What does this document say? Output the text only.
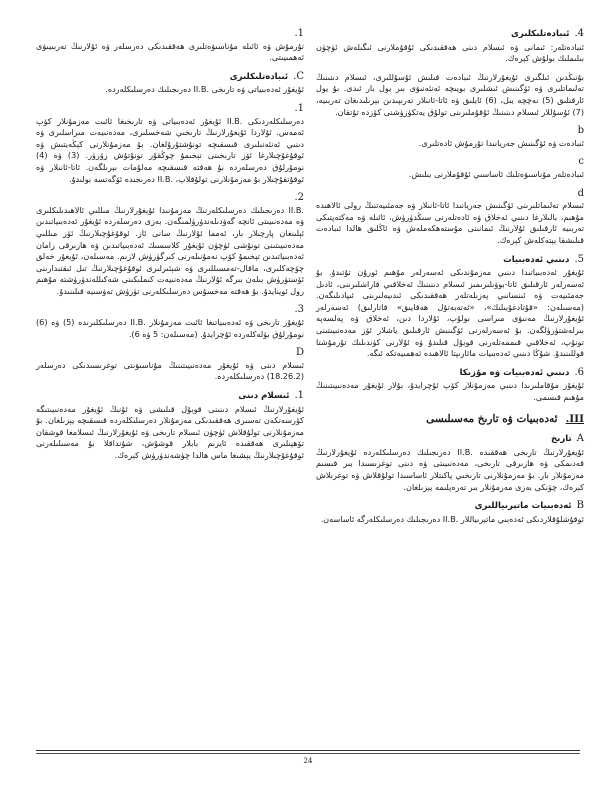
4.
ئىبادەتلىكلىرى

ئىبادەتلەر: ئىمانى ۋە ئىسلام دىنى ھەققىدىكى ئۇقۇملارنى ئىگىلەش ئۈچۈن بىلىملىك بولۇش كېرەك.

بۇنىڭدىن ئىلگىرى ئۇيغۇرلارنىڭ ئىبادەت قىلىش ئۇسۇللىرى، ئىسلام دىنىنىڭ تەلىماتلىرى ۋە ئۆگىنىش ئىشلىرى بويىچە ئەنئەنىۋى بىر يول بار ئىدى. بۇ يول ئارقىلىق (5) نەچچە يىل، (6) ئايلىق ۋە ئاتا-ئانىلار تەرىپىدىن بېرىلىدىغان تەربىيە، (7) ئۇسۇللار ئىسلام دىنىنىڭ ئۇقۇملىرىنى تولۇق يەتكۈزۈشنى كۆزدە تۇتقان.

b

ئىبادەت ۋە ئۆگىنىش جەريانىدا تۇرمۇش ئادەتلىرى.

c

ئىبادەتلەر مۇناسىۋەتلىك ئاساسىي ئۇقۇملارنى بىلىش.

d

ئىسلام تەلىماتلىرىنى ئۆگىنىش جەريانىدا ئاتا-ئانىلار ۋە جەمئىيەتنىڭ رولى ئالاھىدە مۇھىم، بالىلارغا دىنىي ئەخلاق ۋە ئادەتلەرنى سىڭدۈرۈش، ئائىلە ۋە مەكتەپتىكى تەربىيە ئارقىلىق ئۇلارنىڭ ئىمانىنى مۇستەھكەملەش ۋە ئاڭلىق ھالدا ئىبادەت قىلىشقا يېتەكلەش كېرەك.

5.
دىنىي ئەدەبىيات

ئۇيغۇر ئەدەبىياتىدا دىنىي مەزمۇندىكى ئەسەرلەر مۇھىم ئورۇن تۇتىدۇ. بۇ ئەسەرلەر ئارقىلىق ئاتا-بوۋىلىرىمىز ئىسلام دىنىنىڭ ئەخلاقىي قاراشلىرىنى، ئادىل جەمئىيەت ۋە ئىنسانىي پەزىلەتلەر ھەققىدىكى ئىدىيەلىرىنى ئىپادىلىگەن. (مەسىلەن: «قۇتادغۇبىلىك»، «ئەتەبەتۇل ھەقايىق» قاتارلىق) ئەسەرلەر ئۇيغۇرلارنىڭ مەنىۋى مىراسى بولۇپ، ئۇلاردا دىن، ئەخلاق ۋە پەلسەپە بىرلەشتۈرۈلگەن. بۇ ئەسەرلەرنى ئۆگىنىش ئارقىلىق ياشلار ئۆز مەدەنىيىتىنى تونۇپ، ئەخلاقىي قىممەتلەرنى قوبۇل قىلىدۇ ۋە ئۇلارنى كۈندىلىك تۇرمۇشتا قوللىنىدۇ. شۇڭا دىنىي ئەدەبىيات مائارىپتا ئالاھىدە ئەھمىيەتكە ئىگە.

6.
دىنىي ئەدەبىيات ۋە مۇزىكا

ئۇيغۇر مۇقاملىرىدا دىنىي مەزمۇنلار كۆپ ئۇچرايدۇ، بۇلار ئۇيغۇر مەدەنىيىتىنىڭ مۇھىم قىسمى.

III.
ئەدەبىيات ۋە تارىخ مەسىلىسى
A
تارىخ

ئۇيغۇرلارنىڭ تارىخى ھەققىدە .II.B دەرىجىلىك دەرسلىكلەردە ئۇيغۇرلارنىڭ قەدىمكى ۋە ھازىرقى تارىخى، مەدەنىيىتى ۋە دىنى توغرىسىدا بىر قىسىم مەزمۇنلار بار. بۇ مەزمۇنلارنى تارىخىي پاكىتلار ئاساسىدا تولۇقلاش ۋە توغرىلاش كېرەك، چۈنكى بەزى مەزمۇنلار بىر تەرەپلىمە يېزىلغان.

B
ئەدەبىيات ماتېرىياللىرى

ئوقۇشلۇقلاردىكى ئەدەبىي ماتېرىياللار .II.B دەرىجىلىك دەرسلىكلەرگە ئاساسەن.

1.

تۇرمۇش ۋە ئائىلە مۇناسىۋەتلىرى ھەققىدىكى دەرسلەر ۋە ئۇلارنىڭ تەربىيىۋى ئەھمىيىتى.

C.
ئىبادەتلىكلىرى

ئۇيغۇر ئەدەبىياتى ۋە تارىخى .II.B دەرىجىلىك دەرسلىكلەردە.

1.

دەرسلىكلەردىكى .II.B ئۇيغۇر ئەدەبىياتى ۋە تارىخىغا ئائىت مەزمۇنلار كۆپ ئەمەس. ئۇلاردا ئۇيغۇرلارنىڭ تارىخىي شەخسلىرى، مەدەنىيەت مىراسلىرى ۋە دىنىي ئەنئەنىلىرى قىسقىچە تونۇشتۇرۇلغان. بۇ مەزمۇنلارنى كېڭەيتىش ۋە ئوقۇغۇچىلارغا ئۆز تارىخىنى تېخىمۇ چوڭقۇر تونۇتۇش زۆرۈر. (3) ۋە (4) نومۇرلۇق دەرسلەردە بۇ ھەقتە قىسقىچە مەلۇمات بېرىلگەن. ئاتا-ئانىلار ۋە ئوقۇتقۇچىلار بۇ مەزمۇنلارنى تولۇقلاپ، .II.B دەرىجىدە ئۆگەتسە بولىدۇ.

2.

.II.B دەرىجىلىك دەرسلىكلەرنىڭ مەزمۇنىدا ئۇيغۇرلارنىڭ مىللىي ئالاھىدىلىكلىرى ۋە مەدەنىيىتى ئانچە گەۋدىلەندۈرۈلمىگەن. بەزى دەرسلەردە ئۇيغۇر ئەدەبىياتىدىن ئېلىنغان پارچىلار بار، ئەمما ئۇلارنىڭ سانى ئاز. ئوقۇغۇچىلارنىڭ ئۆز مىللىي مەدەنىيىتىنى تونۇشى ئۈچۈن ئۇيغۇر كلاسسىك ئەدەبىياتىدىن ۋە ھازىرقى زامان ئەدەبىياتىدىن تېخىمۇ كۆپ نەمۇنىلەرنى كىرگۈزۈش لازىم. مەسىلەن، ئۇيغۇر خەلق چۆچەكلىرى، ماقال-تەمسىللىرى ۋە شېئىرلىرى ئوقۇغۇچىلارنىڭ تىل ئىقتىدارىنى ئۆستۈرۈش بىلەن بىرگە ئۇلارنىڭ مەدەنىيەت كىملىكىنى شەكىللەندۈرۈشتە مۇھىم رول ئوينايدۇ. بۇ ھەقتە مەخسۇس دەرسلىكلەرنى تۈزۈش تەۋسىيە قىلىنىدۇ.

3.

ئۇيغۇر تارىخى ۋە ئەدەبىياتىغا ئائىت مەزمۇنلار .II.B دەرسلىكلىرىدە (5) ۋە (6) نومۇرلۇق بۆلەكلەردە ئۇچرايدۇ. (مەسىلەن: 5 ۋە 6).

D

ئىسلام دىنى ۋە ئۇيغۇر مەدەنىيىتىنىڭ مۇناسىۋىتى توغرىسىدىكى دەرسلەر (18.26.2) دەرسلىكلەردە.

1.
ئىسلام دىنى

ئۇيغۇرلارنىڭ ئىسلام دىنىنى قوبۇل قىلىشى ۋە ئۇنىڭ ئۇيغۇر مەدەنىيىتىگە كۆرسەتكەن تەسىرى ھەققىدىكى مەزمۇنلار دەرسلىكلەردە قىسقىچە يېزىلغان. بۇ مەزمۇنلارنى تولۇقلاش ئۈچۈن ئىسلام تارىخى ۋە ئۇيغۇرلارنىڭ ئىسلامغا قوشقان تۆھپىلىرى ھەققىدە ئايرىم بابلار قوشۇش، شۇنداقلا بۇ مەسىلىلەرنى ئوقۇغۇچىلارنىڭ يېشىغا ماس ھالدا چۈشەندۈرۈش كېرەك.

24
